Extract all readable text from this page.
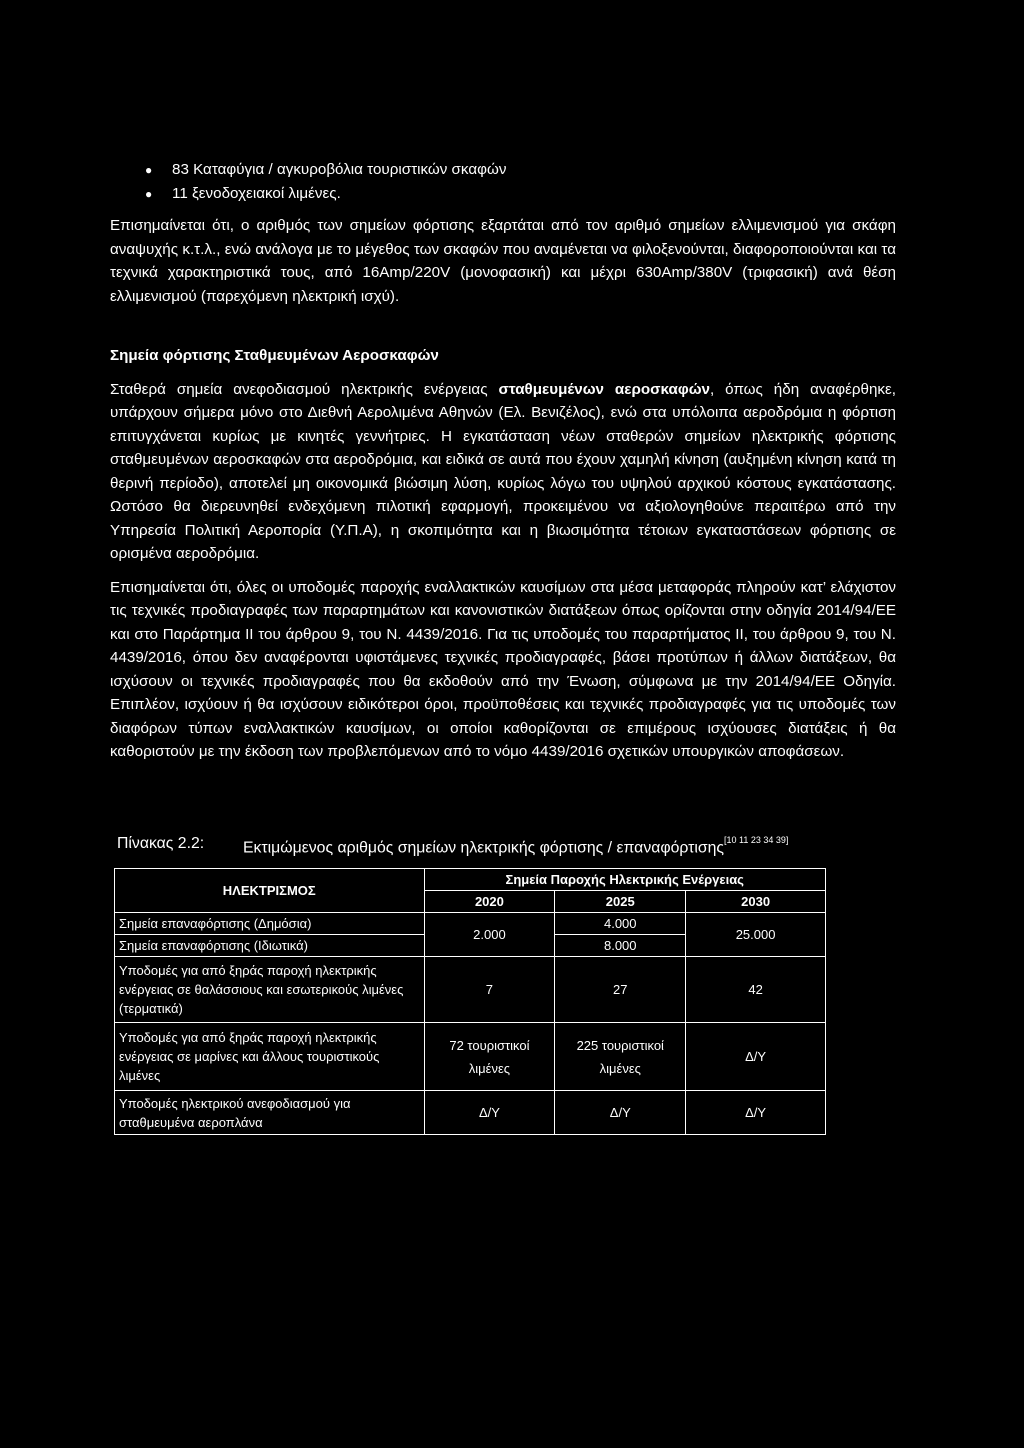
● 83 Καταφύγια / αγκυροβόλια τουριστικών σκαφών
● 11 ξενοδοχειακοί λιμένες.

Επισημαίνεται ότι, ο αριθμός των σημείων φόρτισης εξαρτάται από τον αριθμό σημείων ελλιμενισμού για σκάφη αναψυχής κ.τ.λ., ενώ ανάλογα με το μέγεθος των σκαφών που αναμένεται να φιλοξενούνται, διαφοροποιούνται και τα τεχνικά χαρακτηριστικά τους, από 16Amp/220V (μονοφασική) και μέχρι 630Amp/380V (τριφασική) ανά θέση ελλιμενισμού (παρεχόμενη ηλεκτρική ισχύ).

Σημεία φόρτισης Σταθμευμένων Αεροσκαφών

Σταθερά σημεία ανεφοδιασμού ηλεκτρικής ενέργειας σταθμευμένων αεροσκαφών, όπως ήδη αναφέρθηκε, υπάρχουν σήμερα μόνο στο Διεθνή Αερολιμένα Αθηνών (Ελ. Βενιζέλος), ενώ στα υπόλοιπα αεροδρόμια η φόρτιση επιτυγχάνεται κυρίως με κινητές γεννήτριες. Η εγκατάσταση νέων σταθερών σημείων ηλεκτρικής φόρτισης σταθμευμένων αεροσκαφών στα αεροδρόμια, και ειδικά σε αυτά που έχουν χαμηλή κίνηση (αυξημένη κίνηση κατά τη θερινή περίοδο), αποτελεί μη οικονομικά βιώσιμη λύση, κυρίως λόγω του υψηλού αρχικού κόστους εγκατάστασης. Ωστόσο θα διερευνηθεί ενδεχόμενη πιλοτική εφαρμογή, προκειμένου να αξιολογηθούνε περαιτέρω από την Υπηρεσία Πολιτική Αεροπορία (Υ.Π.Α), η σκοπιμότητα και η βιωσιμότητα τέτοιων εγκαταστάσεων φόρτισης σε ορισμένα αεροδρόμια.

Επισημαίνεται ότι, όλες οι υποδομές παροχής εναλλακτικών καυσίμων στα μέσα μεταφοράς πληρούν κατ’ ελάχιστον τις τεχνικές προδιαγραφές των παραρτημάτων και κανονιστικών διατάξεων όπως ορίζονται στην οδηγία 2014/94/ΕΕ και στο Παράρτημα ΙΙ του άρθρου 9, του Ν. 4439/2016. Για τις υποδομές του παραρτήματος ΙΙ, του άρθρου 9, του Ν. 4439/2016, όπου δεν αναφέρονται υφιστάμενες τεχνικές προδιαγραφές, βάσει προτύπων ή άλλων διατάξεων, θα ισχύσουν οι τεχνικές προδιαγραφές που θα εκδοθούν από την Ένωση, σύμφωνα με την 2014/94/ΕΕ Οδηγία. Επιπλέον, ισχύουν ή θα ισχύσουν ειδικότεροι όροι, προϋποθέσεις και τεχνικές προδιαγραφές για τις υποδομές των διαφόρων τύπων εναλλακτικών καυσίμων, οι οποίοι καθορίζονται σε επιμέρους ισχύουσες διατάξεις ή θα καθοριστούν με την έκδοση των προβλεπόμενων από το νόμο 4439/2016 σχετικών υπουργικών αποφάσεων.

Πίνακας 2.2: Εκτιμώμενος αριθμός σημείων ηλεκτρικής φόρτισης / επαναφόρτισης[10 11 23 34 39]
ΗΛΕΚΤΡΙΣΜΟΣ	Σημεία Παροχής Ηλεκτρικής Ενέργειας		
	2020	2025	2030
Σημεία επαναφόρτισης (Δημόσια)	2.000	4.000	25.000
Σημεία επαναφόρτισης (Ιδιωτικά)		8.000	
Υποδομές για από ξηράς παροχή ηλεκτρικής ενέργειας σε θαλάσσιους και εσωτερικούς λιμένες (τερματικά)	7	27	42
Υποδομές για από ξηράς παροχή ηλεκτρικής ενέργειας σε μαρίνες και άλλους τουριστικούς λιμένες	72 τουριστικοί λιμένες	225 τουριστικοί λιμένες	Δ/Υ
Υποδομές ηλεκτρικού ανεφοδιασμού για σταθμευμένα αεροπλάνα	Δ/Υ	Δ/Υ	Δ/Υ
